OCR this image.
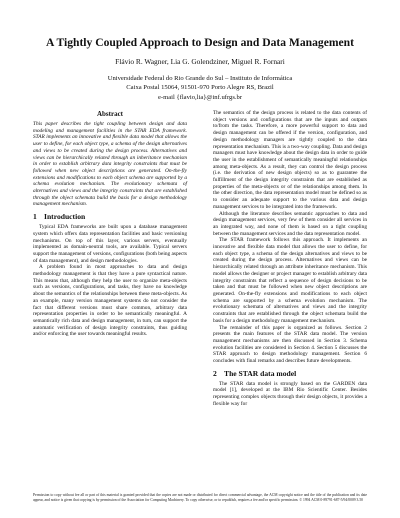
A Tightly Coupled Approach to Design and Data Management
Flávio R. Wagner, Lia G. Golendziner, Miguel R. Fornari
Universidade Federal do Rio Grande do Sul – Instituto de Informática
Caixa Postal 15064, 91501-970 Porto Alegre RS, Brazil
e-mail {flavio,lia}@inf.ufrgs.br
Abstract

This paper describes the tight coupling between design and data modeling and management facilities in the STAR EDA framework. STAR implements an innovative and flexible data model that allows the user to define, for each object type, a schema of the design alternatives and views to be created during the design process. Alternatives and views can be hierarchically related through an inheritance mechanism in order to establish arbitrary data integrity constraints that must be followed when new object descriptions are generated. On-the-fly extensions and modifications to each object schema are supported by a schema evolution mechanism. The evolutionary schemata of alternatives and views and the integrity constraints that are established through the object schemata build the basis for a design methodology management mechanism.

1 Introduction

Typical EDA frameworks are built upon a database management system which offers data representation facilities and basic versioning mechanisms. On top of this layer, various servers, eventually implemented as domain-neutral tools, are available. Typical servers support the management of versions, configurations (both being aspects of data management), and design methodologies.

A problem found in most approaches to data and design methodology management is that they have a pure syntactical nature. This means that, although they help the user to organize meta-objects such as versions, configurations, and tasks, they have no knowledge about the semantics of the relationships between these meta-objects. As an example, many version management systems do not consider the fact that different versions must share common, arbitrary data representation properties in order to be semantically meaningful. A semantically rich data and design management, in turn, can support the automatic verification of design integrity constraints, thus guiding and/or enforcing the user towards meaningful results.

The semantics of the design process is related to the data contents of object versions and configurations that are the inputs and outputs to/from the tasks. Therefore, a more powerful support to data and design management can be offered if the version, configuration, and design methodology managers are tightly coupled to the data representation mechanism. This is a two-way coupling. Data and design managers must have knowledge about the design data in order to guide the user in the establishment of semantically meaningful relationships among meta-objects. As a result, they can control the design process (i.e. the derivation of new design objects) so as to guarantee the fulfillment of the design integrity constraints that are established as properties of the meta-objects or of the relationships among them. In the other direction, the data representation model must be defined so as to consider an adequate support to the various data and design management services to be integrated into the framework.

Although the literature describes semantic approaches to data and design management services, very few of them consider all services in an integrated way, and none of them is based on a tight coupling between the management services and the data representation model.

The STAR framework follows this approach. It implements an innovative and flexible data model that allows the user to define, for each object type, a schema of the design alternatives and views to be created during the design process. Alternatives and views can be hierarchically related through an attribute inheritance mechanism. This model allows the designer or project manager to establish arbitrary data integrity constraints that reflect a sequence of design decisions to be taken and that must be followed when new object descriptions are generated. On-the-fly extensions and modifications to each object schema are supported by a schema evolution mechanism. The evolutionary schemata of alternatives and views and the integrity constraints that are established through the object schemata build the basis for a design methodology management mechanism.

The remainder of this paper is organized as follows. Section 2 presents the main features of the STAR data model. The version management mechanisms are then discussed in Section 3. Schema evolution facilities are considered in Section 4. Section 5 discusses the STAR approach to design methodology management. Section 6 concludes with final remarks and describes future developments.

2 The STAR data model

The STAR data model is strongly based on the GARDEN data model [1], developed at the IBM Rio Scientific Center. Besides representing complex objects through their design objects, it provides a flexible way for

Permission to copy without fee all or part of this material is granted provided that the copies are not made or distributed for direct commercial advantage, the ACM copyright notice and the title of the publication and its date appear, and notice is given that copying is by permission of the Association for Computing Machinery. To copy otherwise, or to republish, requires a fee and/or specific permission. © 1994 ACM 0-89791-687-5/94/0009 3.50
